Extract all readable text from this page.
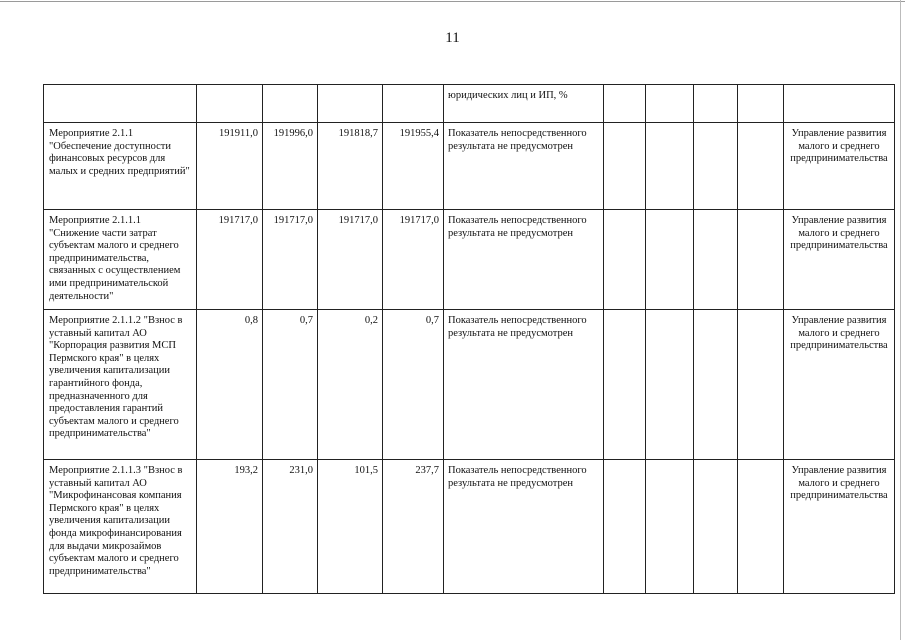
11
					юридических лиц и ИП, %					
Мероприятие 2.1.1 "Обеспечение доступности финансовых ресурсов для малых и средних предприятий"	191911,0	191996,0	191818,7	191955,4	Показатель непосредственного результата не предусмотрен					Управление развития малого и среднего предпринимательства
Мероприятие 2.1.1.1 "Снижение части затрат субъектам малого и среднего предпринимательства, связанных с осуществлением ими предпринимательской деятельности"	191717,0	191717,0	191717,0	191717,0	Показатель непосредственного результата не предусмотрен					Управление развития малого и среднего предпринимательства
Мероприятие 2.1.1.2 "Взнос в уставный капитал АО "Корпорация развития МСП Пермского края" в целях увеличения капитализации гарантийного фонда, предназначенного для предоставления гарантий субъектам малого и среднего предпринимательства"	0,8	0,7	0,2	0,7	Показатель непосредственного результата не предусмотрен					Управление развития малого и среднего предпринимательства
Мероприятие 2.1.1.3 "Взнос в уставный капитал АО "Микрофинансовая компания Пермского края" в целях увеличения капитализации фонда микрофинансирования для выдачи микрозаймов субъектам малого и среднего предпринимательства"	193,2	231,0	101,5	237,7	Показатель непосредственного результата не предусмотрен					Управление развития малого и среднего предпринимательства
